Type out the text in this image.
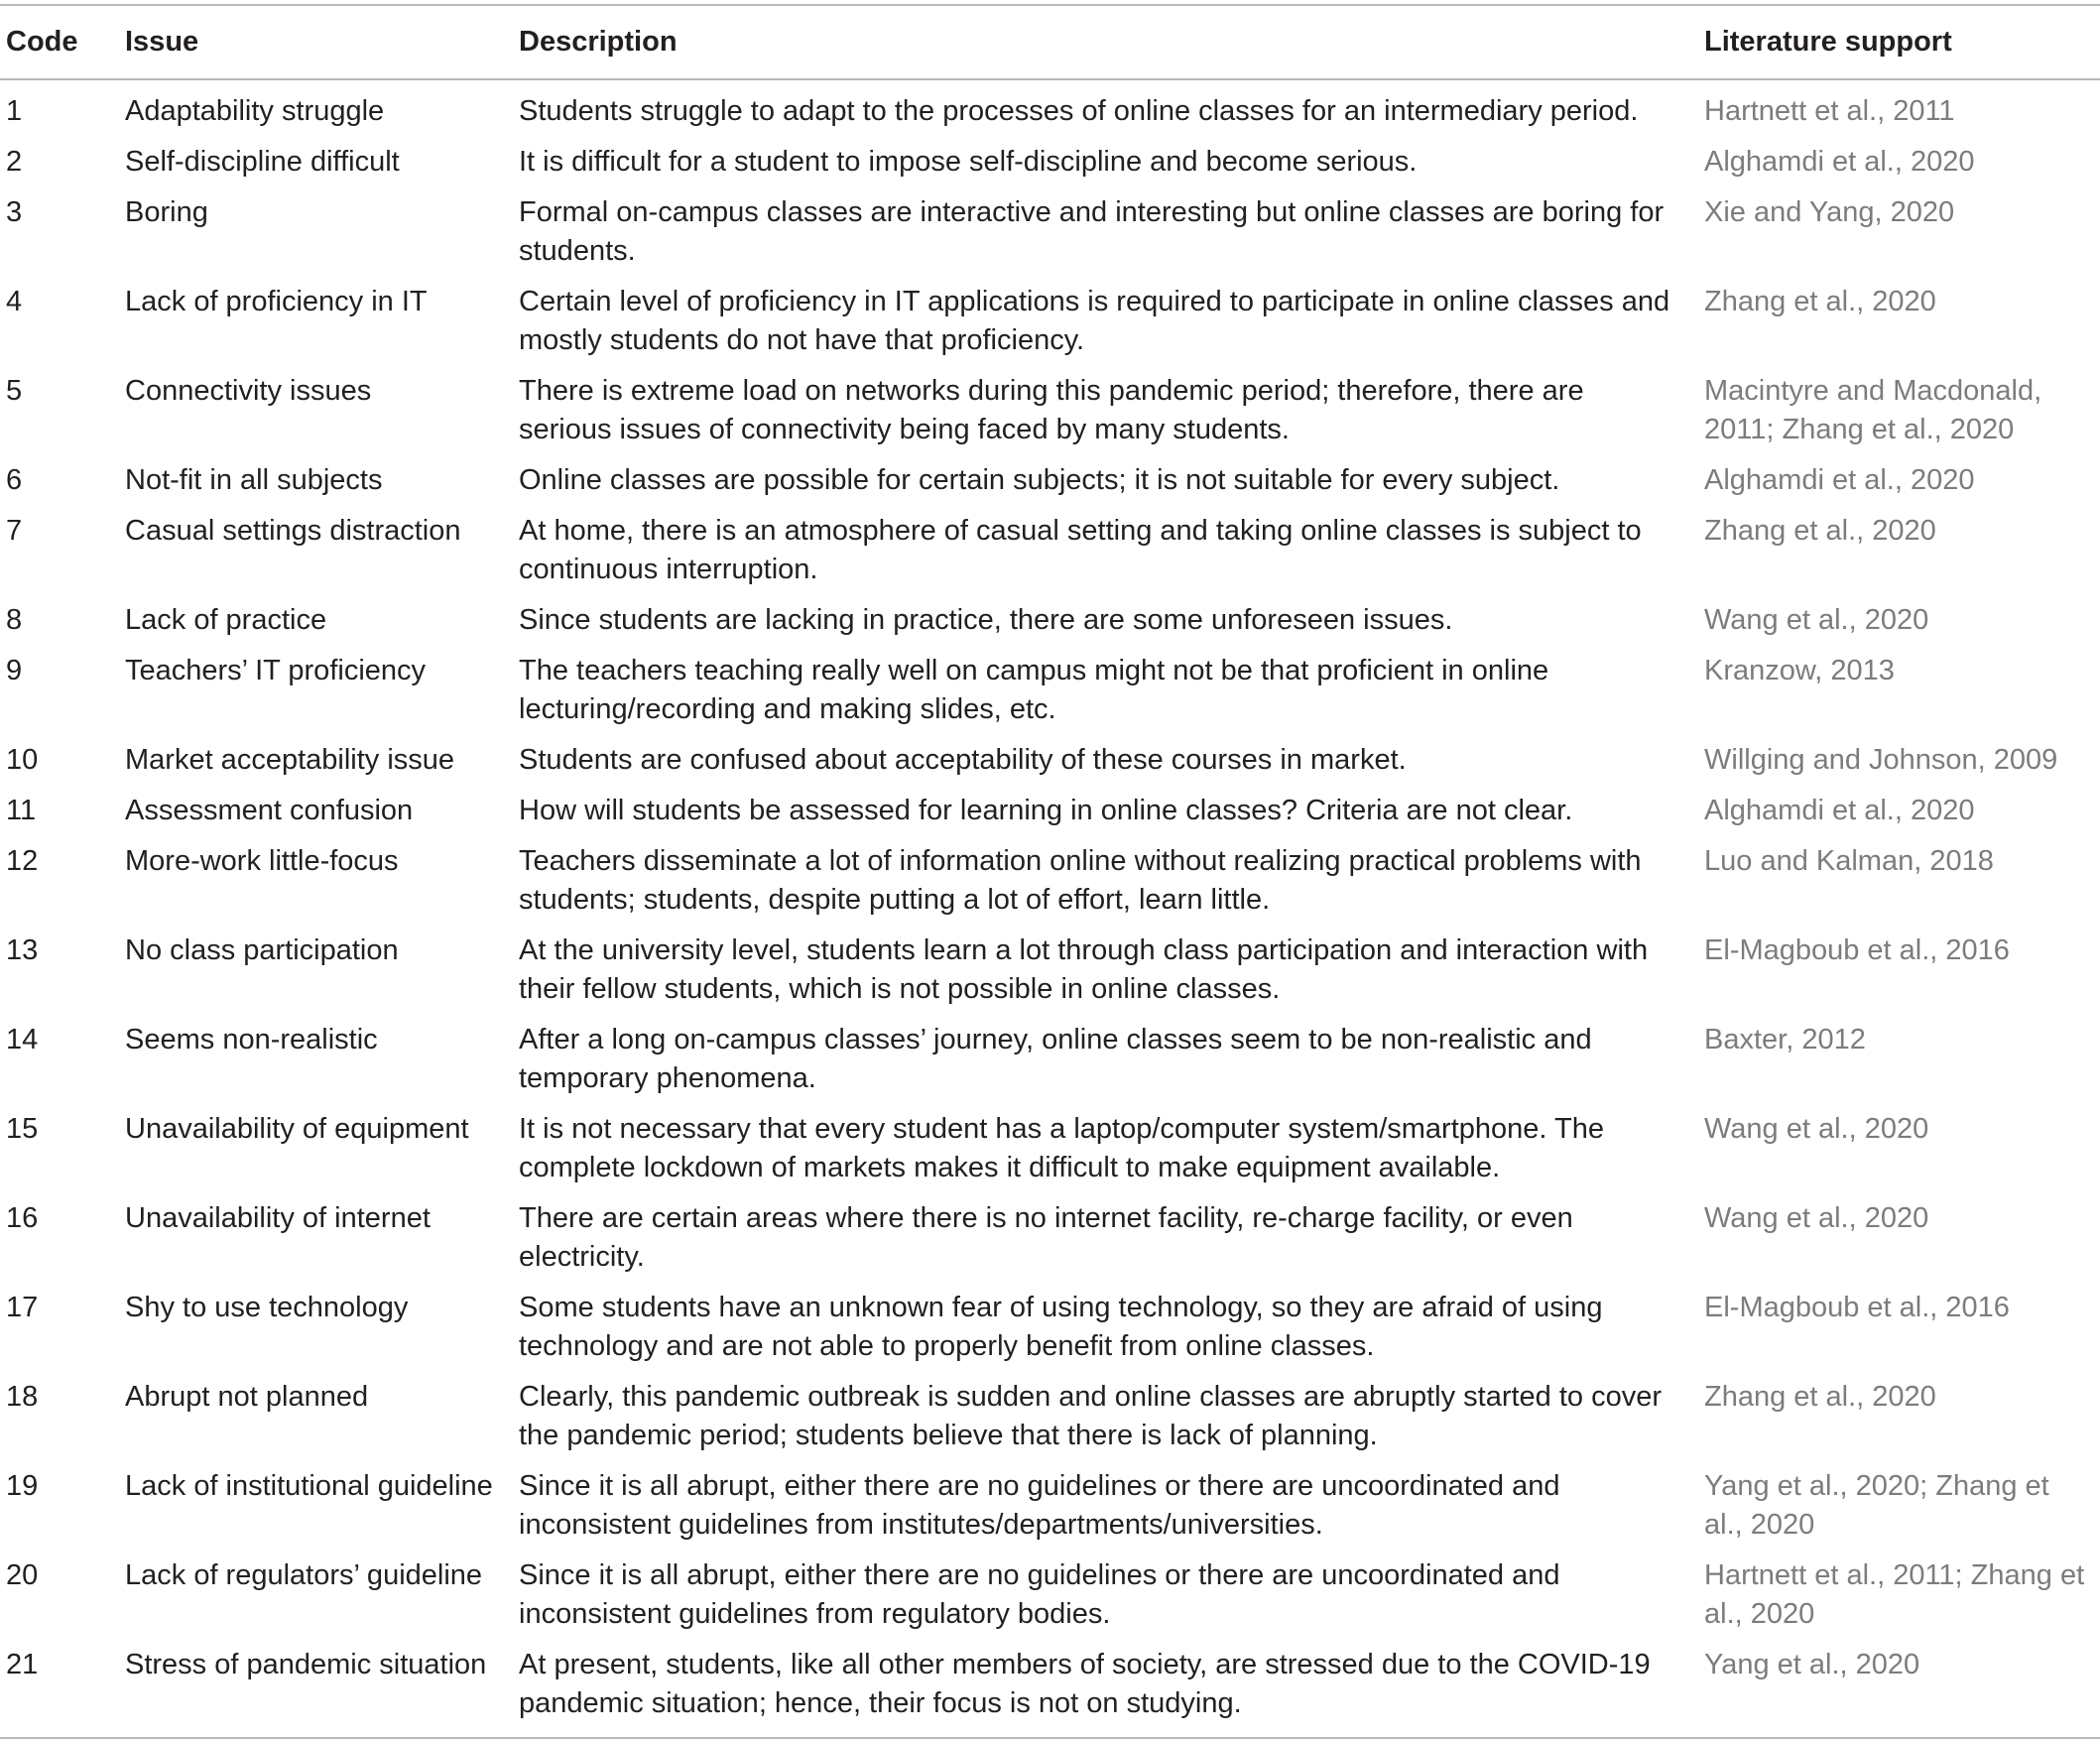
Code	Issue	Description	Literature support
1	Adaptability struggle	Students struggle to adapt to the processes of online classes for an intermediary period.	Hartnett et al., 2011
2	Self-discipline difficult	It is difficult for a student to impose self-discipline and become serious.	Alghamdi et al., 2020
3	Boring	Formal on-campus classes are interactive and interesting but online classes are boring for students.	Xie and Yang, 2020
4	Lack of proficiency in IT	Certain level of proficiency in IT applications is required to participate in online classes and mostly students do not have that proficiency.	Zhang et al., 2020
5	Connectivity issues	There is extreme load on networks during this pandemic period; therefore, there are serious issues of connectivity being faced by many students.	Macintyre and Macdonald, 2011; Zhang et al., 2020
6	Not-fit in all subjects	Online classes are possible for certain subjects; it is not suitable for every subject.	Alghamdi et al., 2020
7	Casual settings distraction	At home, there is an atmosphere of casual setting and taking online classes is subject to continuous interruption.	Zhang et al., 2020
8	Lack of practice	Since students are lacking in practice, there are some unforeseen issues.	Wang et al., 2020
9	Teachers’ IT proficiency	The teachers teaching really well on campus might not be that proficient in online lecturing/recording and making slides, etc.	Kranzow, 2013
10	Market acceptability issue	Students are confused about acceptability of these courses in market.	Willging and Johnson, 2009
11	Assessment confusion	How will students be assessed for learning in online classes? Criteria are not clear.	Alghamdi et al., 2020
12	More-work little-focus	Teachers disseminate a lot of information online without realizing practical problems with students; students, despite putting a lot of effort, learn little.	Luo and Kalman, 2018
13	No class participation	At the university level, students learn a lot through class participation and interaction with their fellow students, which is not possible in online classes.	El-Magboub et al., 2016
14	Seems non-realistic	After a long on-campus classes’ journey, online classes seem to be non-realistic and temporary phenomena.	Baxter, 2012
15	Unavailability of equipment	It is not necessary that every student has a laptop/computer system/smartphone. The complete lockdown of markets makes it difficult to make equipment available.	Wang et al., 2020
16	Unavailability of internet	There are certain areas where there is no internet facility, re-charge facility, or even electricity.	Wang et al., 2020
17	Shy to use technology	Some students have an unknown fear of using technology, so they are afraid of using technology and are not able to properly benefit from online classes.	El-Magboub et al., 2016
18	Abrupt not planned	Clearly, this pandemic outbreak is sudden and online classes are abruptly started to cover the pandemic period; students believe that there is lack of planning.	Zhang et al., 2020
19	Lack of institutional guideline	Since it is all abrupt, either there are no guidelines or there are uncoordinated and inconsistent guidelines from institutes/departments/universities.	Yang et al., 2020; Zhang et al., 2020
20	Lack of regulators’ guideline	Since it is all abrupt, either there are no guidelines or there are uncoordinated and inconsistent guidelines from regulatory bodies.	Hartnett et al., 2011; Zhang et al., 2020
21	Stress of pandemic situation	At present, students, like all other members of society, are stressed due to the COVID-19 pandemic situation; hence, their focus is not on studying.	Yang et al., 2020
